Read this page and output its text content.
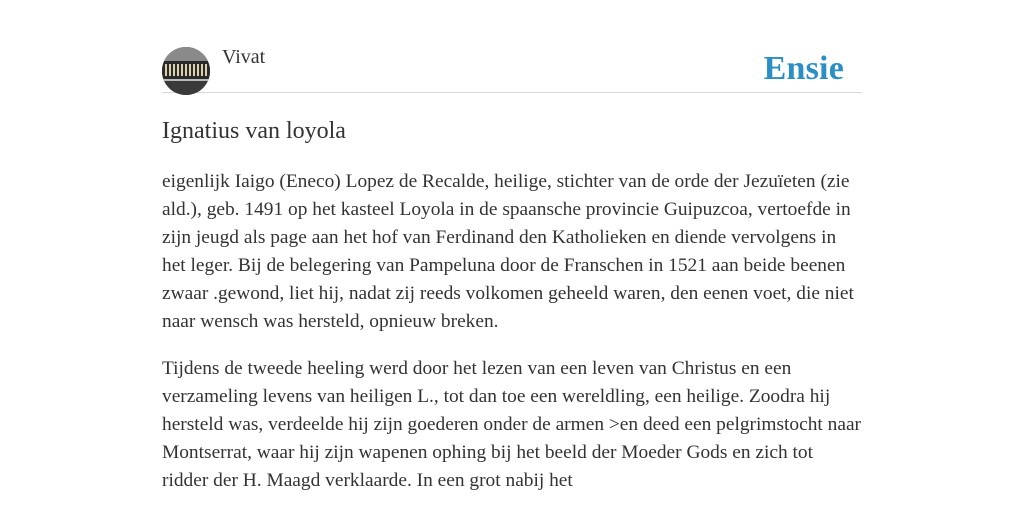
Vivat	Ensie
Ignatius van loyola

eigenlijk Iaigo (Eneco) Lopez de Recalde, heilige, stichter van de orde der Jezuïeten (zie ald.), geb. 1491 op het kasteel Loyola in de spaansche provincie Guipuzcoa, vertoefde in zijn jeugd als page aan het hof van Ferdinand den Katholieken en diende vervolgens in het leger. Bij de belegering van Pampeluna door de Franschen in 1521 aan beide beenen zwaar .gewond, liet hij, nadat zij reeds volkomen geheeld waren, den eenen voet, die niet naar wensch was hersteld, opnieuw breken.

Tijdens de tweede heeling werd door het lezen van een leven van Christus en een verzameling levens van heiligen L., tot dan toe een wereldling, een heilige. Zoodra hij hersteld was, verdeelde hij zijn goederen onder de armen >en deed een pelgrimstocht naar Montserrat, waar hij zijn wapenen ophing bij het beeld der Moeder Gods en zich tot ridder der H. Maagd verklaarde. In een grot nabij het
